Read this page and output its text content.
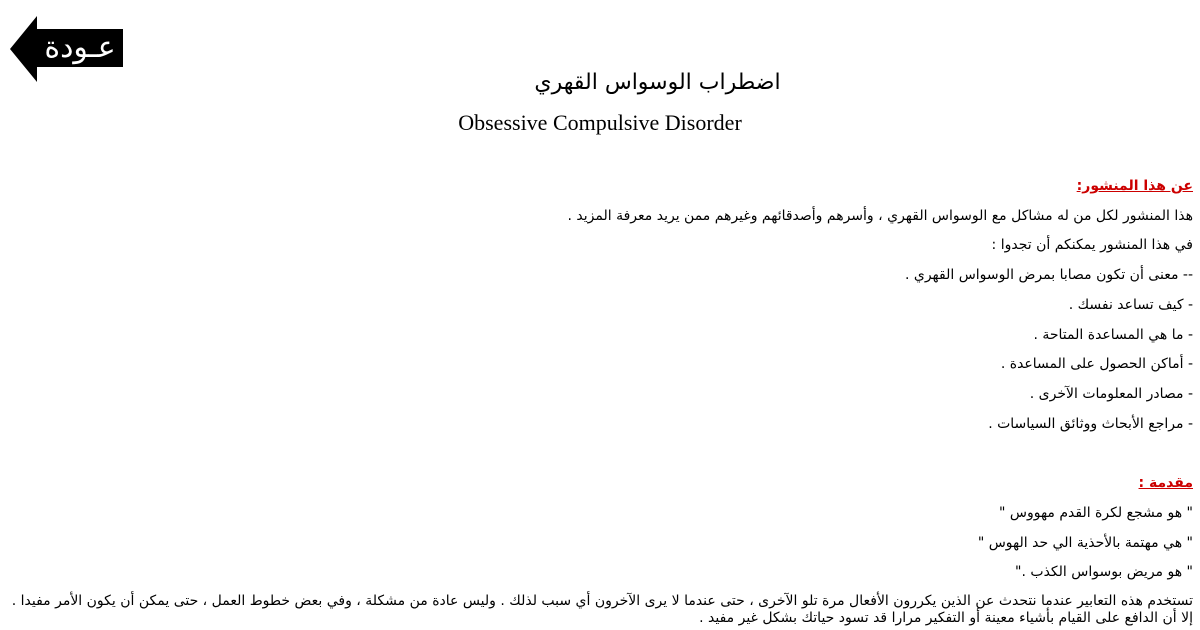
عـودة
اضطراب الوسواس القهري
Obsessive Compulsive Disorder
عن هذا المنشور:
هذا المنشور لكل من له مشاكل مع الوسواس القهري ، وأسرهم وأصدقائهم وغيرهم ممن يريد معرفة المزيد .
في هذا المنشور يمكنكم أن تجدوا :
-- معنى أن تكون مصابا بمرض الوسواس القهري .
- كيف تساعد نفسك .
- ما هي المساعدة المتاحة .
- أماكن الحصول على المساعدة .
- مصادر المعلومات الآخرى .
- مراجع الأبحاث ووثائق السياسات .
مقدمة :
" هو مشجع لكرة القدم مهووس "
" هي مهتمة بالأحذية الي حد الهوس "
" هو مريض بوسواس الكذب ."
تستخدم هذه التعابير عندما نتحدث عن الذين يكررون الأفعال مرة تلو الآخرى ، حتى عندما لا يرى الآخرون أي سبب لذلك . وليس عادة من مشكلة ، وفي بعض خطوط العمل ، حتى يمكن أن يكون الأمر مفيدا . إلا أن الدافع على القيام بأشياء معينة أو التفكير مرارا قد تسود حياتك بشكل غير مفيد .
